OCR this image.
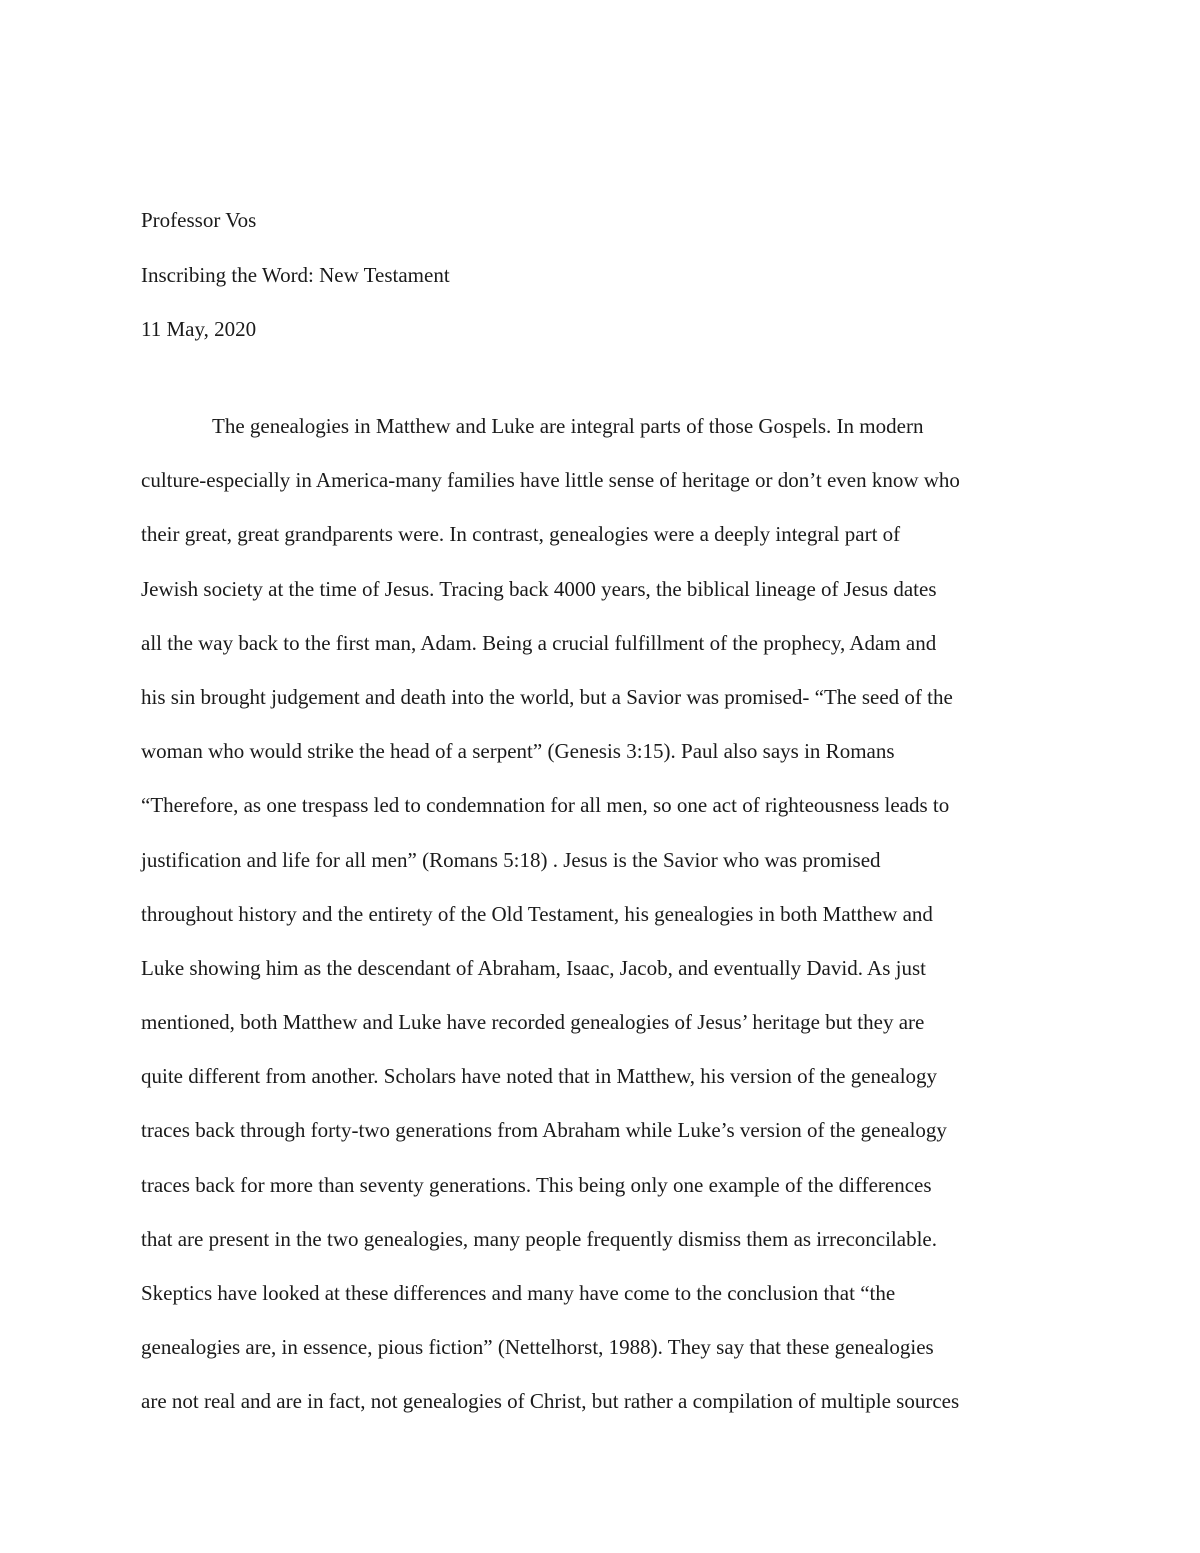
Professor Vos
Inscribing the Word: New Testament
11 May, 2020
The genealogies in Matthew and Luke are integral parts of those Gospels. In modern
culture-especially in America-many families have little sense of heritage or don’t even know who
their great, great grandparents were. In contrast, genealogies were a deeply integral part of
Jewish society at the time of Jesus. Tracing back 4000 years, the biblical lineage of Jesus dates
all the way back to the first man, Adam. Being a crucial fulfillment of the prophecy, Adam and
his sin brought judgement and death into the world, but a Savior was promised- “The seed of the
woman who would strike the head of a serpent” (Genesis 3:15). Paul also says in Romans
“Therefore, as one trespass led to condemnation for all men, so one act of righteousness leads to
justification and life for all men” (Romans 5:18) . Jesus is the Savior who was promised
throughout history and the entirety of the Old Testament, his genealogies in both Matthew and
Luke showing him as the descendant of Abraham, Isaac, Jacob, and eventually David. As just
mentioned, both Matthew and Luke have recorded genealogies of Jesus’ heritage but they are
quite different from another. Scholars have noted that in Matthew, his version of the genealogy
traces back through forty-two generations from Abraham while Luke’s version of the genealogy
traces back for more than seventy generations. This being only one example of the differences
that are present in the two genealogies, many people frequently dismiss them as irreconcilable.
Skeptics have looked at these differences and many have come to the conclusion that “the
genealogies are, in essence, pious fiction” (Nettelhorst, 1988). They say that these genealogies
are not real and are in fact, not genealogies of Christ, but rather a compilation of multiple sources
